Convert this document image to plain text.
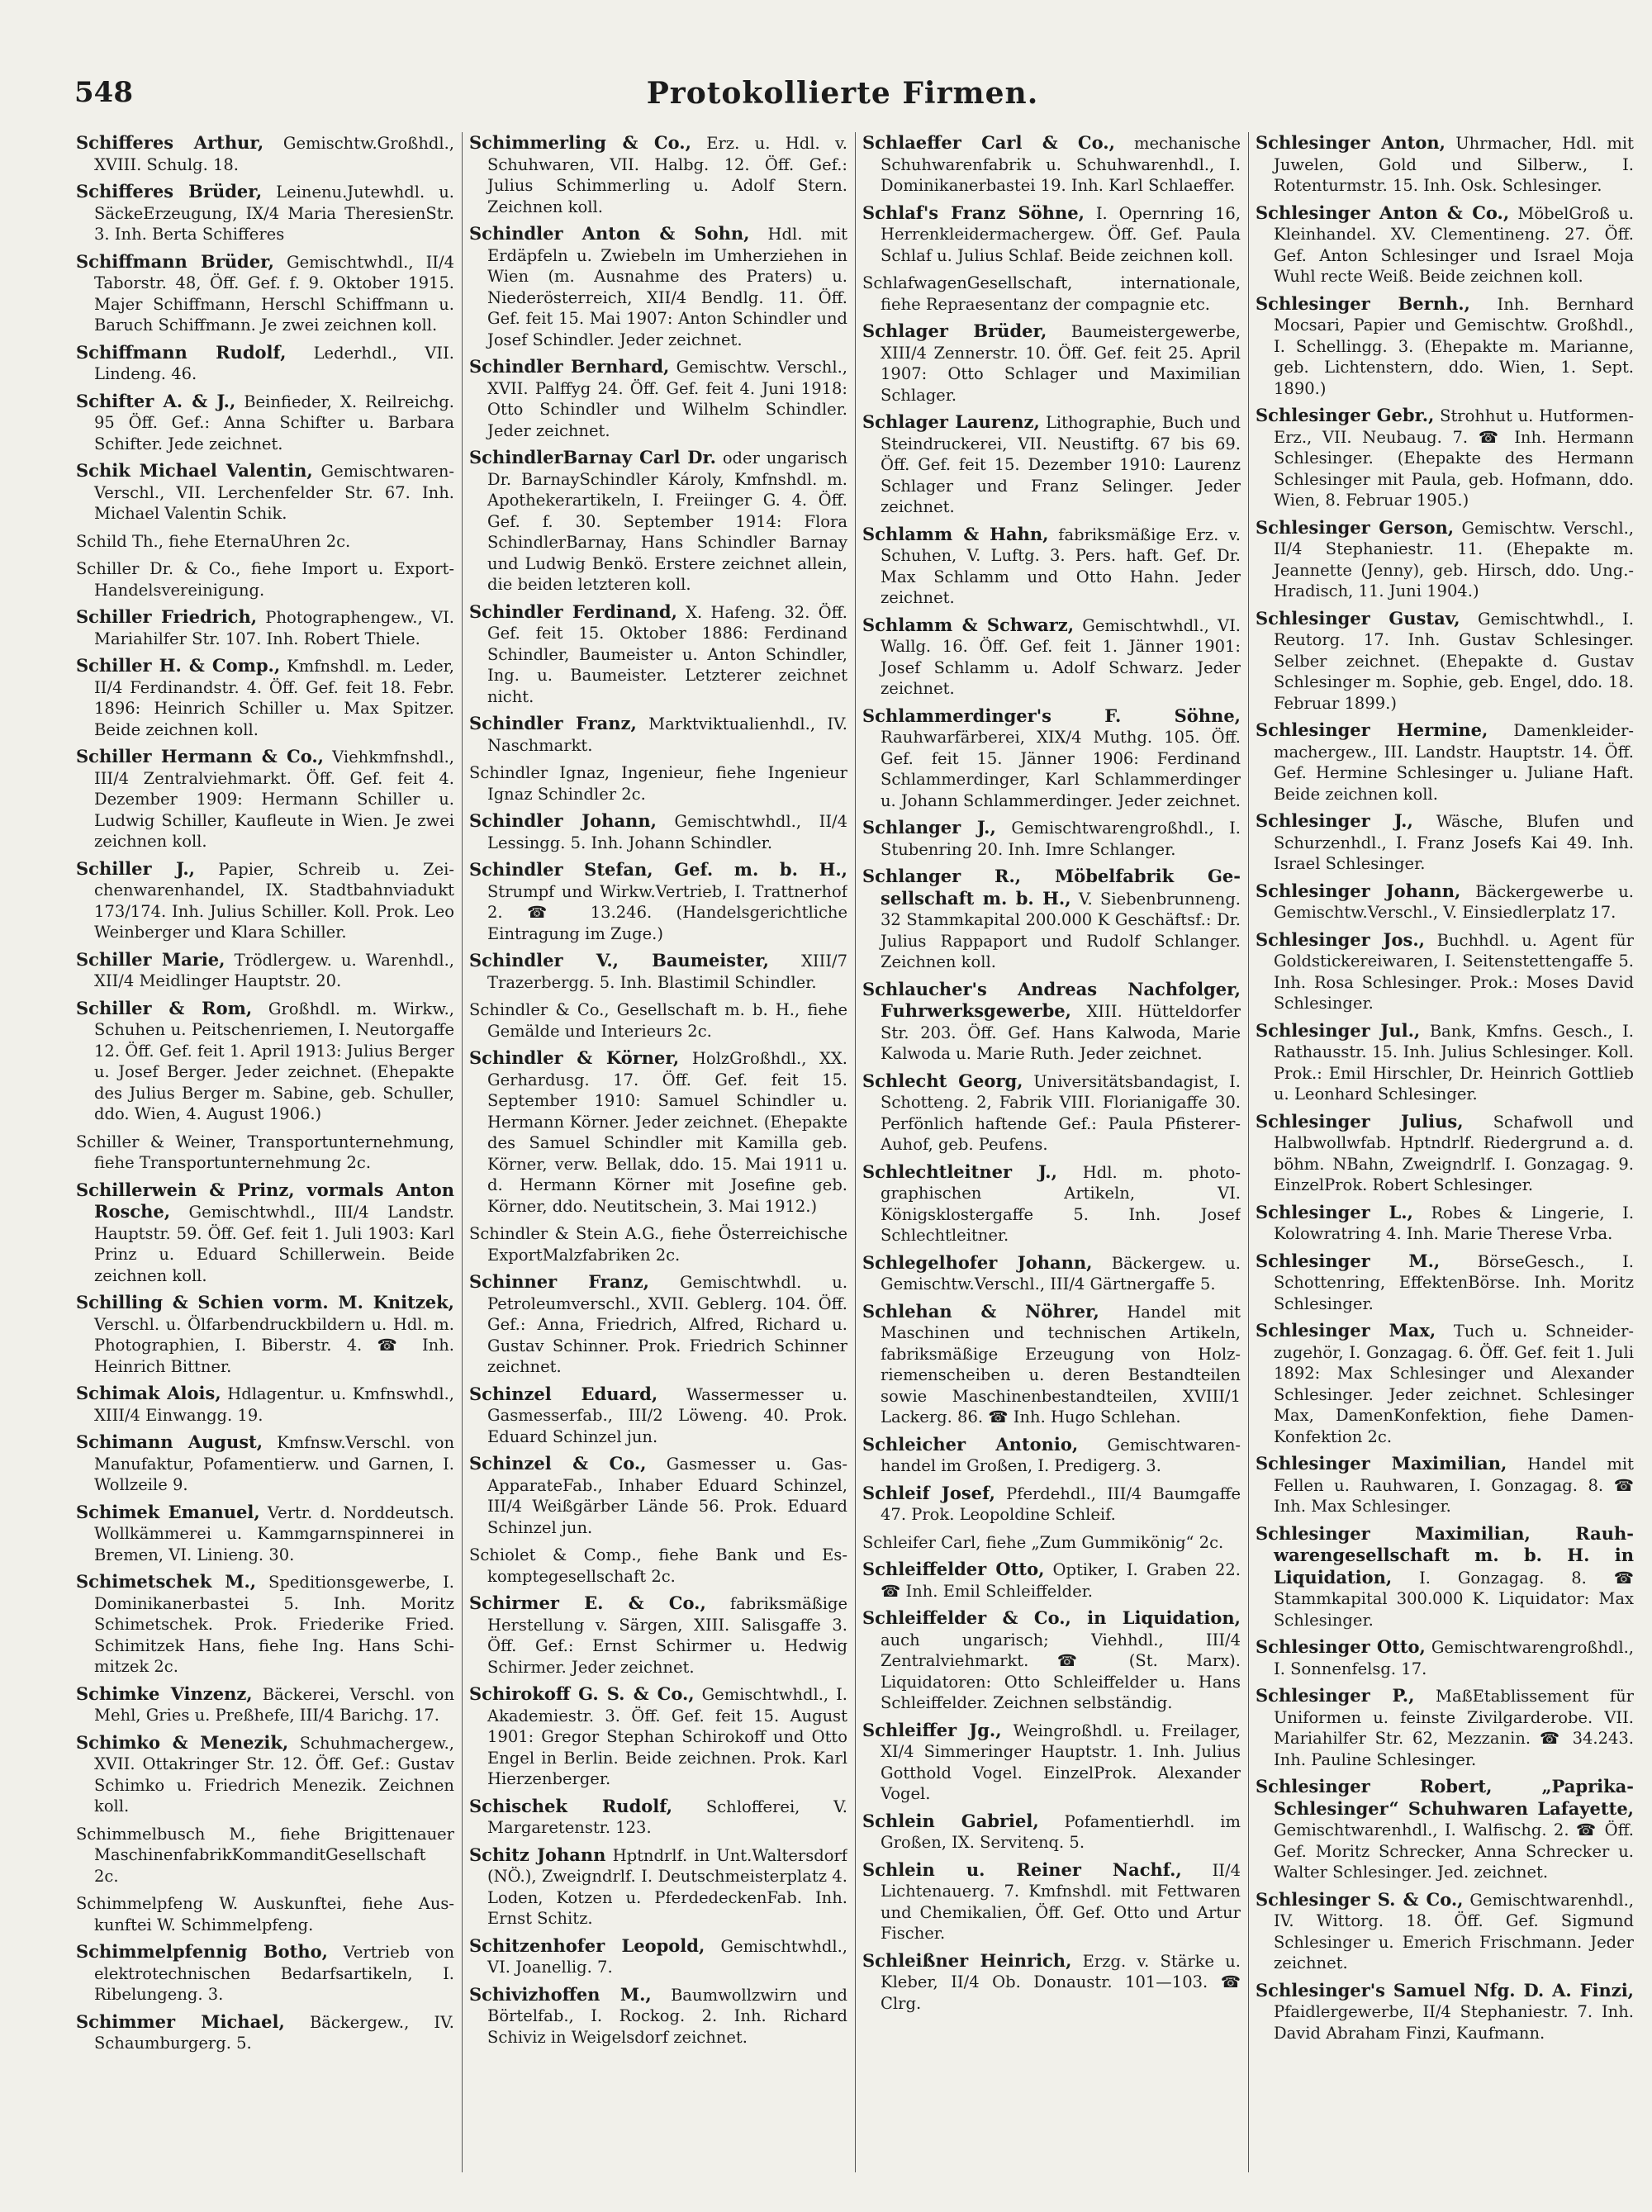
548	Protokollierte Firmen.

Schifferes Arthur, Gemischtw.Großhdl., XVIII. Schulg. 18.

Schifferes Brüder, Leinenu.Jutewhdl. u. SäckeErzeugung, IX/4 Maria TheresienStr. 3. Inh. Berta Schifferes

Schiffmann Brüder, Gemischtwhdl., II/4 Taborstr. 48, Öff. Gef. f. 9. Oktober 1915. Majer Schiffmann, Herschl Schiffmann u. Baruch Schiffmann. Je zwei zeichnen koll.

Schiffmann Rudolf, Lederhdl., VII. Lindeng. 46.

Schifter A. & J., Beinfieder, X. Reilreichg. 95 Öff. Gef.: Anna Schifter u. Barbara Schifter. Jede zeichnet.

Schik Michael Valentin, GemischtwarenVerschl., VII. Lerchenfelder Str. 67. Inh. Michael Valentin Schik.

Schild Th., fiehe EternaUhren 2c.

Schiller Dr. & Co., fiehe Import u. ExportHandelsvereinigung.

Schiller Friedrich, Photographengew., VI. Mariahilfer Str. 107. Inh. Robert Thiele.

Schiller H. & Comp., Kmfnshdl. m. Leder, II/4 Ferdinandstr. 4. Öff. Gef. feit 18. Febr. 1896: Heinrich Schiller u. Max Spitzer. Beide zeichnen koll.

Schiller Hermann & Co., Viehkmfnshdl., III/4 Zentralviehmarkt. Öff. Gef. feit 4. Dezember 1909: Hermann Schiller u. Ludwig Schiller, Kaufleute in Wien. Je zwei zeichnen koll.

Schiller J., Papier, Schreib u. Zeichenwarenhandel, IX. Stadtbahnviadukt 173/174. Inh. Julius Schiller. Koll. Prok. Leo Weinberger und Klara Schiller.

Schiller Marie, Trödlergew. u. Warenhdl., XII/4 Meidlinger Hauptstr. 20.

Schiller & Rom, Großhdl. m. Wirkw., Schuhen u. Peitschenriemen, I. Neutorgaffe 12. Öff. Gef. feit 1. April 1913: Julius Berger u. Josef Berger. Jeder zeichnet. (Ehepakte des Julius Berger m. Sabine, geb. Schuller, ddo. Wien, 4. August 1906.)

Schiller & Weiner, Transportunternehmung, fiehe Transportunternehmung 2c.

Schillerwein & Prinz, vormals Anton Rosche, Gemischtwhdl., III/4 Landstr. Hauptstr. 59. Öff. Gef. feit 1. Juli 1903: Karl Prinz u. Eduard Schillerwein. Beide zeichnen koll.

Schilling & Schien vorm. M. Knitzek, Verschl. u. Ölfarbendruckbildern u. Hdl. m. Photographien, I. Biberstr. 4. ☎ Inh. Heinrich Bittner.

Schimak Alois, Hdlagentur. u. Kmfnswhdl., XIII/4 Einwangg. 19.

Schimann August, Kmfnsw.Verschl. von Manufaktur, Pofamentierw. und Garnen, I. Wollzeile 9.

Schimek Emanuel, Vertr. d. Norddeutsch. Wollkämmerei u. Kammgarnspinnerei in Bremen, VI. Linieng. 30.

Schimetschek M., Speditionsgewerbe, I. Dominikanerbastei 5. Inh. Moritz Schimetschek. Prok. Friederike Fried. Schimitzek Hans, fiehe Ing. Hans Schimitzek 2c.

Schimke Vinzenz, Bäckerei, Verschl. von Mehl, Gries u. Preßhefe, III/4 Barichg. 17.

Schimko & Menezik, Schuhmachergew., XVII. Ottakringer Str. 12. Öff. Gef.: Gustav Schimko u. Friedrich Menezik. Zeichnen koll.

Schimmelbusch M., fiehe Brigittenauer MaschinenfabrikKommanditGesellschaft 2c.

Schimmelpfeng W. Auskunftei, fiehe Auskunftei W. Schimmelpfeng.

Schimmelpfennig Botho, Vertrieb von elektrotechnischen Bedarfsartikeln, I. Ribelungeng. 3.

Schimmer Michael, Bäckergew., IV. Schaumburgerg. 5.

Schimmerling & Co., Erz. u. Hdl. v. Schuhwaren, VII. Halbg. 12. Öff. Gef.: Julius Schimmerling u. Adolf Stern. Zeichnen koll.

Schindler Anton & Sohn, Hdl. mit Erdäpfeln u. Zwiebeln im Umherziehen in Wien (m. Ausnahme des Praters) u. Niederösterreich, XII/4 Bendlg. 11. Öff. Gef. feit 15. Mai 1907: Anton Schindler und Josef Schindler. Jeder zeichnet.

Schindler Bernhard, Gemischtw. Verschl., XVII. Palffyg 24. Öff. Gef. feit 4. Juni 1918: Otto Schindler und Wilhelm Schindler. Jeder zeichnet.

SchindlerBarnay Carl Dr. oder ungarisch Dr. BarnaySchindler Károly, Kmfnshdl. m. Apothekerartikeln, I. Freiinger G. 4. Öff. Gef. f. 30. September 1914: Flora SchindlerBarnay, Hans Schindler Barnay und Ludwig Benkö. Erstere zeichnet allein, die beiden letzteren koll.

Schindler Ferdinand, X. Hafeng. 32. Öff. Gef. feit 15. Oktober 1886: Ferdinand Schindler, Baumeister u. Anton Schindler, Ing. u. Baumeister. Letzterer zeichnet nicht.

Schindler Franz, Marktviktualienhdl., IV. Naschmarkt.

Schindler Ignaz, Ingenieur, fiehe Ingenieur Ignaz Schindler 2c.

Schindler Johann, Gemischtwhdl., II/4 Lessingg. 5. Inh. Johann Schindler.

Schindler Stefan, Gef. m. b. H., Strumpf und Wirkw.Vertrieb, I. Trattnerhof 2. ☎ 13.246. (Handelsgerichtliche Eintragung im Zuge.)

Schindler V., Baumeister, XIII/7 Trazerbergg. 5. Inh. Blastimil Schindler.

Schindler & Co., Gesellschaft m. b. H., fiehe Gemälde und Interieurs 2c.

Schindler & Körner, HolzGroßhdl., XX. Gerhardusg. 17. Öff. Gef. feit 15. September 1910: Samuel Schindler u. Hermann Körner. Jeder zeichnet. (Ehepakte des Samuel Schindler mit Kamilla geb. Körner, verw. Bellak, ddo. 15. Mai 1911 u. d. Hermann Körner mit Josefine geb. Körner, ddo. Neutitschein, 3. Mai 1912.)

Schindler & Stein A.G., fiehe Österreichische ExportMalzfabriken 2c.

Schinner Franz, Gemischtwhdl. u. Petroleumverschl., XVII. Geblerg. 104. Öff. Gef.: Anna, Friedrich, Alfred, Richard u. Gustav Schinner. Prok. Friedrich Schinner zeichnet.

Schinzel Eduard, Wassermesser u. Gasmesserfab., III/2 Löweng. 40. Prok. Eduard Schinzel jun.

Schinzel & Co., Gasmesser u. GasApparateFab., Inhaber Eduard Schinzel, III/4 Weißgärber Lände 56. Prok. Eduard Schinzel jun.

Schiolet & Comp., fiehe Bank und Eskomptegesellschaft 2c.

Schirmer E. & Co., fabriksmäßige Herstellung v. Särgen, XIII. Salisgaffe 3. Öff. Gef.: Ernst Schirmer u. Hedwig Schirmer. Jeder zeichnet.

Schirokoff G. S. & Co., Gemischtwhdl., I. Akademiestr. 3. Öff. Gef. feit 15. August 1901: Gregor Stephan Schirokoff und Otto Engel in Berlin. Beide zeichnen. Prok. Karl Hierzenberger.

Schischek Rudolf, Schlofferei, V. Margaretenstr. 123.

Schitz Johann Hptndrlf. in Unt.Waltersdorf (NÖ.), Zweigndrlf. I. Deutschmeisterplatz 4. Loden, Kotzen u. PferdedeckenFab. Inh. Ernst Schitz.

Schitzenhofer Leopold, Gemischtwhdl., VI. Joanellig. 7.

Schivizhoffen M., Baumwollzwirn und Börtelfab., I. Rockog. 2. Inh. Richard Schiviz in Weigelsdorf zeichnet.

Schlaeffer Carl & Co., mechanische Schuhwarenfabrik u. Schuhwarenhdl., I. Dominikanerbastei 19. Inh. Karl Schlaeffer.

Schlaf's Franz Söhne, I. Opernring 16, Herrenkleidermachergew. Öff. Gef. Paula Schlaf u. Julius Schlaf. Beide zeichnen koll.

SchlafwagenGesellschaft, internationale, fiehe Repraesentanz der compagnie etc.

Schlager Brüder, Baumeistergewerbe, XIII/4 Zennerstr. 10. Öff. Gef. feit 25. April 1907: Otto Schlager und Maximilian Schlager.

Schlager Laurenz, Lithographie, Buch und Steindruckerei, VII. Neustiftg. 67 bis 69. Öff. Gef. feit 15. Dezember 1910: Laurenz Schlager und Franz Selinger. Jeder zeichnet.

Schlamm & Hahn, fabriksmäßige Erz. v. Schuhen, V. Luftg. 3. Pers. haft. Gef. Dr. Max Schlamm und Otto Hahn. Jeder zeichnet.

Schlamm & Schwarz, Gemischtwhdl., VI. Wallg. 16. Öff. Gef. feit 1. Jänner 1901: Josef Schlamm u. Adolf Schwarz. Jeder zeichnet.

Schlammerdinger's F. Söhne, Rauhwarfärberei, XIX/4 Muthg. 105. Öff. Gef. feit 15. Jänner 1906: Ferdinand Schlammerdinger, Karl Schlammerdinger u. Johann Schlammerdinger. Jeder zeichnet.

Schlanger J., Gemischtwarengroßhdl., I. Stubenring 20. Inh. Imre Schlanger.

Schlanger R., Möbelfabrik Gesellschaft m. b. H., V. Siebenbrunneng. 32 Stammkapital 200.000 K Geschäftsf.: Dr. Julius Rappaport und Rudolf Schlanger. Zeichnen koll.

Schlaucher's Andreas Nachfolger, Fuhrwerksgewerbe, XIII. Hütteldorfer Str. 203. Öff. Gef. Hans Kalwoda, Marie Kalwoda u. Marie Ruth. Jeder zeichnet.

Schlecht Georg, Universitätsbandagist, I. Schotteng. 2, Fabrik VIII. Florianigaffe 30. Perfönlich haftende Gef.: Paula PfistererAuhof, geb. Peufens.

Schlechtleitner J., Hdl. m. photographischen Artikeln, VI. Königsklostergaffe 5. Inh. Josef Schlechtleitner.

Schlegelhofer Johann, Bäckergew. u. Gemischtw.Verschl., III/4 Gärtnergaffe 5.

Schlehan & Nöhrer, Handel mit Maschinen und technischen Artikeln, fabriksmäßige Erzeugung von Holzriemenscheiben u. deren Bestandteilen sowie Maschinenbestandteilen, XVIII/1 Lackerg. 86. ☎ Inh. Hugo Schlehan.

Schleicher Antonio, Gemischtwarenhandel im Großen, I. Predigerg. 3.

Schleif Josef, Pferdehdl., III/4 Baumgaffe 47. Prok. Leopoldine Schleif.

Schleifer Carl, fiehe „Zum Gummikönig“ 2c.

Schleiffelder Otto, Optiker, I. Graben 22. ☎ Inh. Emil Schleiffelder.

Schleiffelder & Co., in Liquidation, auch ungarisch; Viehhdl., III/4 Zentralviehmarkt. ☎ (St. Marx). Liquidatoren: Otto Schleiffelder u. Hans Schleiffelder. Zeichnen selbständig.

Schleiffer Jg., Weingroßhdl. u. Freilager, XI/4 Simmeringer Hauptstr. 1. Inh. Julius Gotthold Vogel. EinzelProk. Alexander Vogel.

Schlein Gabriel, Pofamentierhdl. im Großen, IX. Servitenq. 5.

Schlein u. Reiner Nachf., II/4 Lichtenauerg. 7. Kmfnshdl. mit Fettwaren und Chemikalien, Öff. Gef. Otto und Artur Fischer.

Schleißner Heinrich, Erzg. v. Stärke u. Kleber, II/4 Ob. Donaustr. 101—103. ☎ Clrg.

Schlesinger Anton, Uhrmacher, Hdl. mit Juwelen, Gold und Silberw., I. Rotenturmstr. 15. Inh. Osk. Schlesinger.

Schlesinger Anton & Co., MöbelGroß u. Kleinhandel. XV. Clementineng. 27. Öff. Gef. Anton Schlesinger und Israel Moja Wuhl recte Weiß. Beide zeichnen koll.

Schlesinger Bernh., Inh. Bernhard Mocsari, Papier und Gemischtw. Großhdl., I. Schellingg. 3. (Ehepakte m. Marianne, geb. Lichtenstern, ddo. Wien, 1. Sept. 1890.)

Schlesinger Gebr., Strohhut u. HutformenErz., VII. Neubaug. 7. ☎ Inh. Hermann Schlesinger. (Ehepakte des Hermann Schlesinger mit Paula, geb. Hofmann, ddo. Wien, 8. Februar 1905.)

Schlesinger Gerson, Gemischtw. Verschl., II/4 Stephaniestr. 11. (Ehepakte m. Jeannette (Jenny), geb. Hirsch, ddo. Ung.Hradisch, 11. Juni 1904.)

Schlesinger Gustav, Gemischtwhdl., I. Reutorg. 17. Inh. Gustav Schlesinger. Selber zeichnet. (Ehepakte d. Gustav Schlesinger m. Sophie, geb. Engel, ddo. 18. Februar 1899.)

Schlesinger Hermine, Damenkleidermachergew., III. Landstr. Hauptstr. 14. Öff. Gef. Hermine Schlesinger u. Juliane Haft. Beide zeichnen koll.

Schlesinger J., Wäsche, Blufen und Schurzenhdl., I. Franz Josefs Kai 49. Inh. Israel Schlesinger.

Schlesinger Johann, Bäckergewerbe u. Gemischtw.Verschl., V. Einsiedlerplatz 17.

Schlesinger Jos., Buchhdl. u. Agent für Goldstickereiwaren, I. Seitenstettengaffe 5. Inh. Rosa Schlesinger. Prok.: Moses David Schlesinger.

Schlesinger Jul., Bank, Kmfns. Gesch., I. Rathausstr. 15. Inh. Julius Schlesinger. Koll. Prok.: Emil Hirschler, Dr. Heinrich Gottlieb u. Leonhard Schlesinger.

Schlesinger Julius, Schafwoll und Halbwollwfab. Hptndrlf. Riedergrund a. d. böhm. NBahn, Zweigndrlf. I. Gonzagag. 9. EinzelProk. Robert Schlesinger.

Schlesinger L., Robes & Lingerie, I. Kolowratring 4. Inh. Marie Therese Vrba.

Schlesinger M., BörseGesch., I. Schottenring, EffektenBörse. Inh. Moritz Schlesinger.

Schlesinger Max, Tuch u. Schneiderzugehör, I. Gonzagag. 6. Öff. Gef. feit 1. Juli 1892: Max Schlesinger und Alexander Schlesinger. Jeder zeichnet. Schlesinger Max, DamenKonfektion, fiehe DamenKonfektion 2c.

Schlesinger Maximilian, Handel mit Fellen u. Rauhwaren, I. Gonzagag. 8. ☎ Inh. Max Schlesinger.

Schlesinger Maximilian, Rauhwarengesellschaft m. b. H. in Liquidation, I. Gonzagag. 8. ☎ Stammkapital 300.000 K. Liquidator: Max Schlesinger.

Schlesinger Otto, Gemischtwarengroßhdl., I. Sonnenfelsg. 17.

Schlesinger P., MaßEtablissement für Uniformen u. feinste Zivilgarderobe. VII. Mariahilfer Str. 62, Mezzanin. ☎ 34.243. Inh. Pauline Schlesinger.

Schlesinger Robert, „PaprikaSchlesinger“ Schuhwaren Lafayette, Gemischtwarenhdl., I. Walfischg. 2. ☎ Öff. Gef. Moritz Schrecker, Anna Schrecker u. Walter Schlesinger. Jed. zeichnet.

Schlesinger S. & Co., Gemischtwarenhdl., IV. Wittorg. 18. Öff. Gef. Sigmund Schlesinger u. Emerich Frischmann. Jeder zeichnet.

Schlesinger's Samuel Nfg. D. A. Finzi, Pfaidlergewerbe, II/4 Stephaniestr. 7. Inh. David Abraham Finzi, Kaufmann.
